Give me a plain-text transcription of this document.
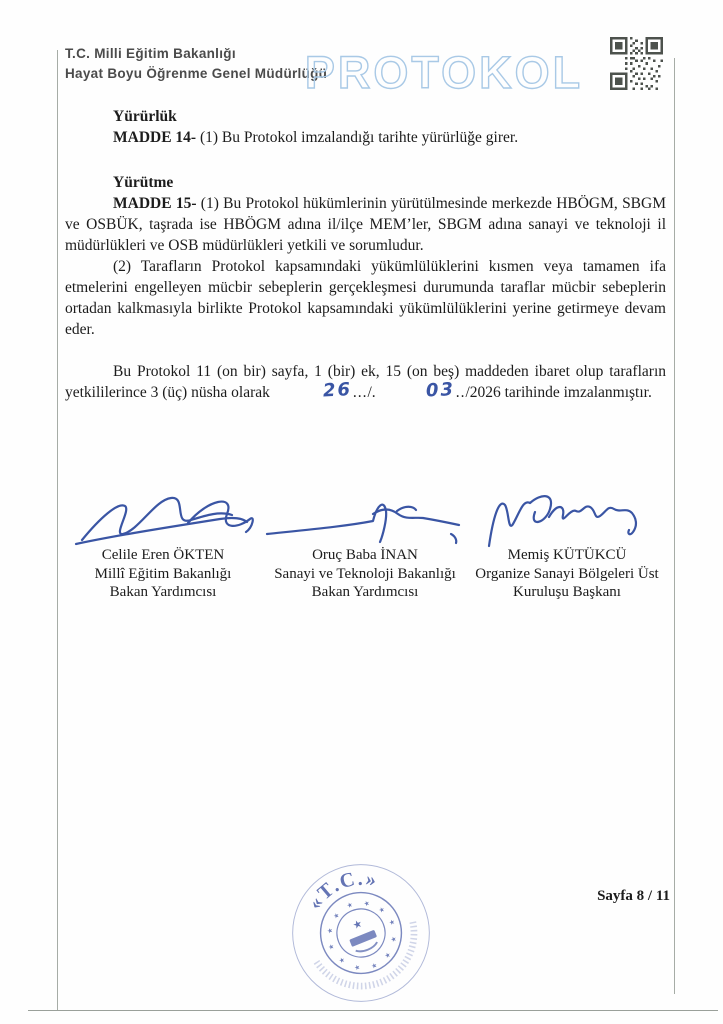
T.C. Milli Eğitim Bakanlığı
Hayat Boyu Öğrenme Genel Müdürlüğü
PROTOKOL
Yürürlük

MADDE 14- (1) Bu Protokol imzalandığı tarihte yürürlüğe girer.

Yürütme

MADDE 15- (1) Bu Protokol hükümlerinin yürütülmesinde merkezde HBÖGM, SBGM ve OSBÜK, taşrada ise HBÖGM adına il/ilçe MEM’ler, SBGM adına sanayi ve teknoloji il müdürlükleri ve OSB müdürlükleri yetkili ve sorumludur.

(2) Tarafların Protokol kapsamındaki yükümlülüklerini kısmen veya tamamen ifa etmelerini engelleyen mücbir sebeplerin gerçekleşmesi durumunda taraflar mücbir sebeplerin ortadan kalkmasıyla birlikte Protokol kapsamındaki yükümlülüklerini yerine getirmeye devam eder.

Bu Protokol 11 (on bir) sayfa, 1 (bir) ek, 15 (on beş) maddeden ibaret olup tarafların yetkililerince 3 (üç) nüsha olarak	26.../.	03../2026 tarihinde imzalanmıştır.

Celile Eren ÖKTEN
Millî Eğitim Bakanlığı
Bakan Yardımcısı
Oruç Baba İNAN
Sanayi ve Teknoloji Bakanlığı
Bakan Yardımcısı
Memiş KÜTÜKCÜ
Organize Sanayi Bölgeleri Üst
Kuruluşu Başkanı
«T.C.»
★
★
★
★
★
★
★
★
★
★ ★
★
★
Sayfa 8 / 11
